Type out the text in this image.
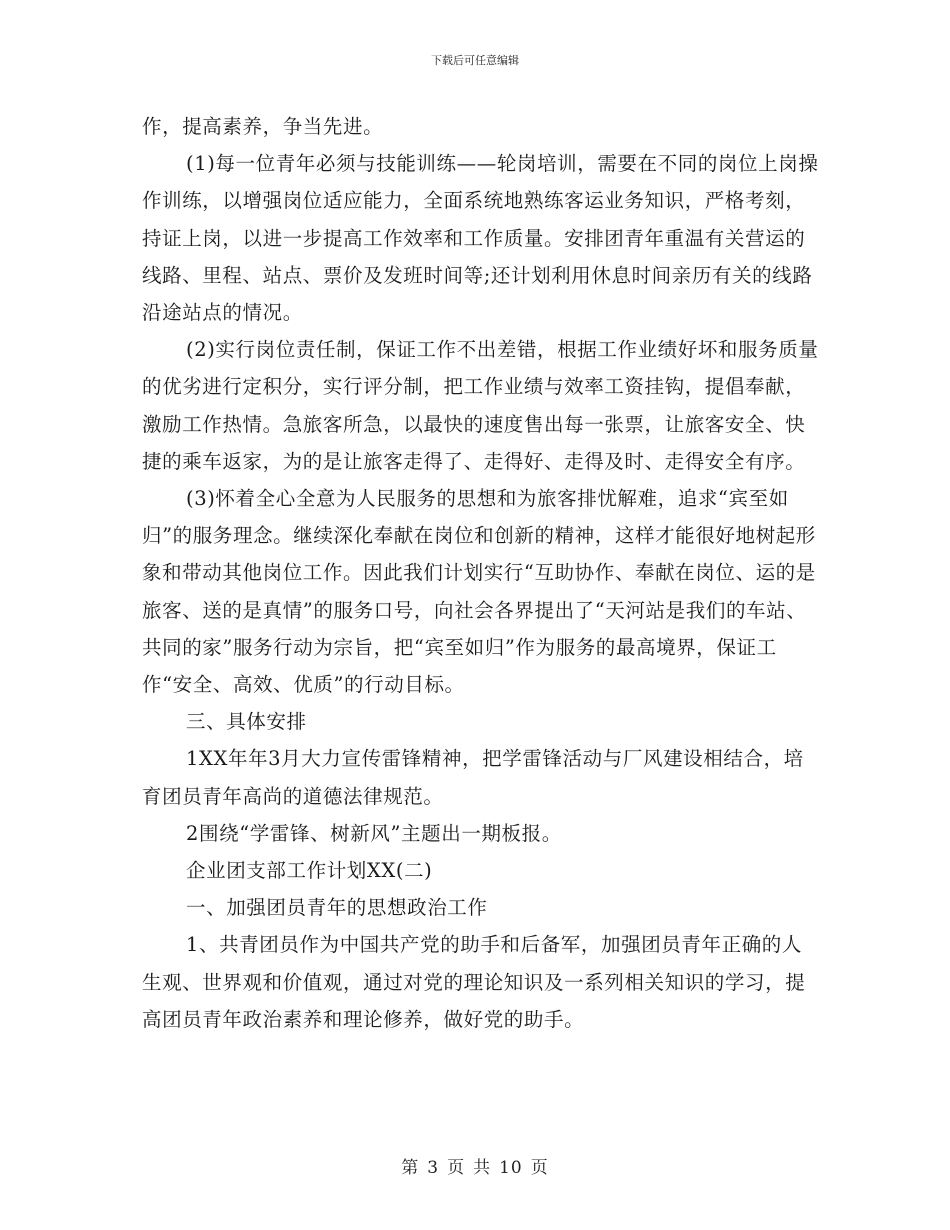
下载后可任意编辑

作，提高素养，争当先进。

(1)每一位青年必须与技能训练——轮岗培训，需要在不同的岗位上岗操作训练，以增强岗位适应能力，全面系统地熟练客运业务知识，严格考刻，持证上岗，以进一步提高工作效率和工作质量。安排团青年重温有关营运的线路、里程、站点、票价及发班时间等;还计划利用休息时间亲历有关的线路沿途站点的情况。

(2)实行岗位责任制，保证工作不出差错，根据工作业绩好坏和服务质量的优劣进行定积分，实行评分制，把工作业绩与效率工资挂钩，提倡奉献，激励工作热情。急旅客所急，以最快的速度售出每一张票，让旅客安全、快捷的乘车返家，为的是让旅客走得了、走得好、走得及时、走得安全有序。

(3)怀着全心全意为人民服务的思想和为旅客排忧解难，追求“宾至如归”的服务理念。继续深化奉献在岗位和创新的精神，这样才能很好地树起形象和带动其他岗位工作。因此我们计划实行“互助协作、奉献在岗位、运的是旅客、送的是真情”的服务口号，向社会各界提出了“天河站是我们的车站、共同的家”服务行动为宗旨，把“宾至如归”作为服务的最高境界，保证工作“安全、高效、优质”的行动目标。

三、具体安排

1XX年年3月大力宣传雷锋精神，把学雷锋活动与厂风建设相结合，培育团员青年高尚的道德法律规范。

2围绕“学雷锋、树新风”主题出一期板报。

企业团支部工作计划XX(二)

一、加强团员青年的思想政治工作

1、共青团员作为中国共产党的助手和后备军，加强团员青年正确的人生观、世界观和价值观，通过对党的理论知识及一系列相关知识的学习，提高团员青年政治素养和理论修养，做好党的助手。

第 3 页 共 10 页
